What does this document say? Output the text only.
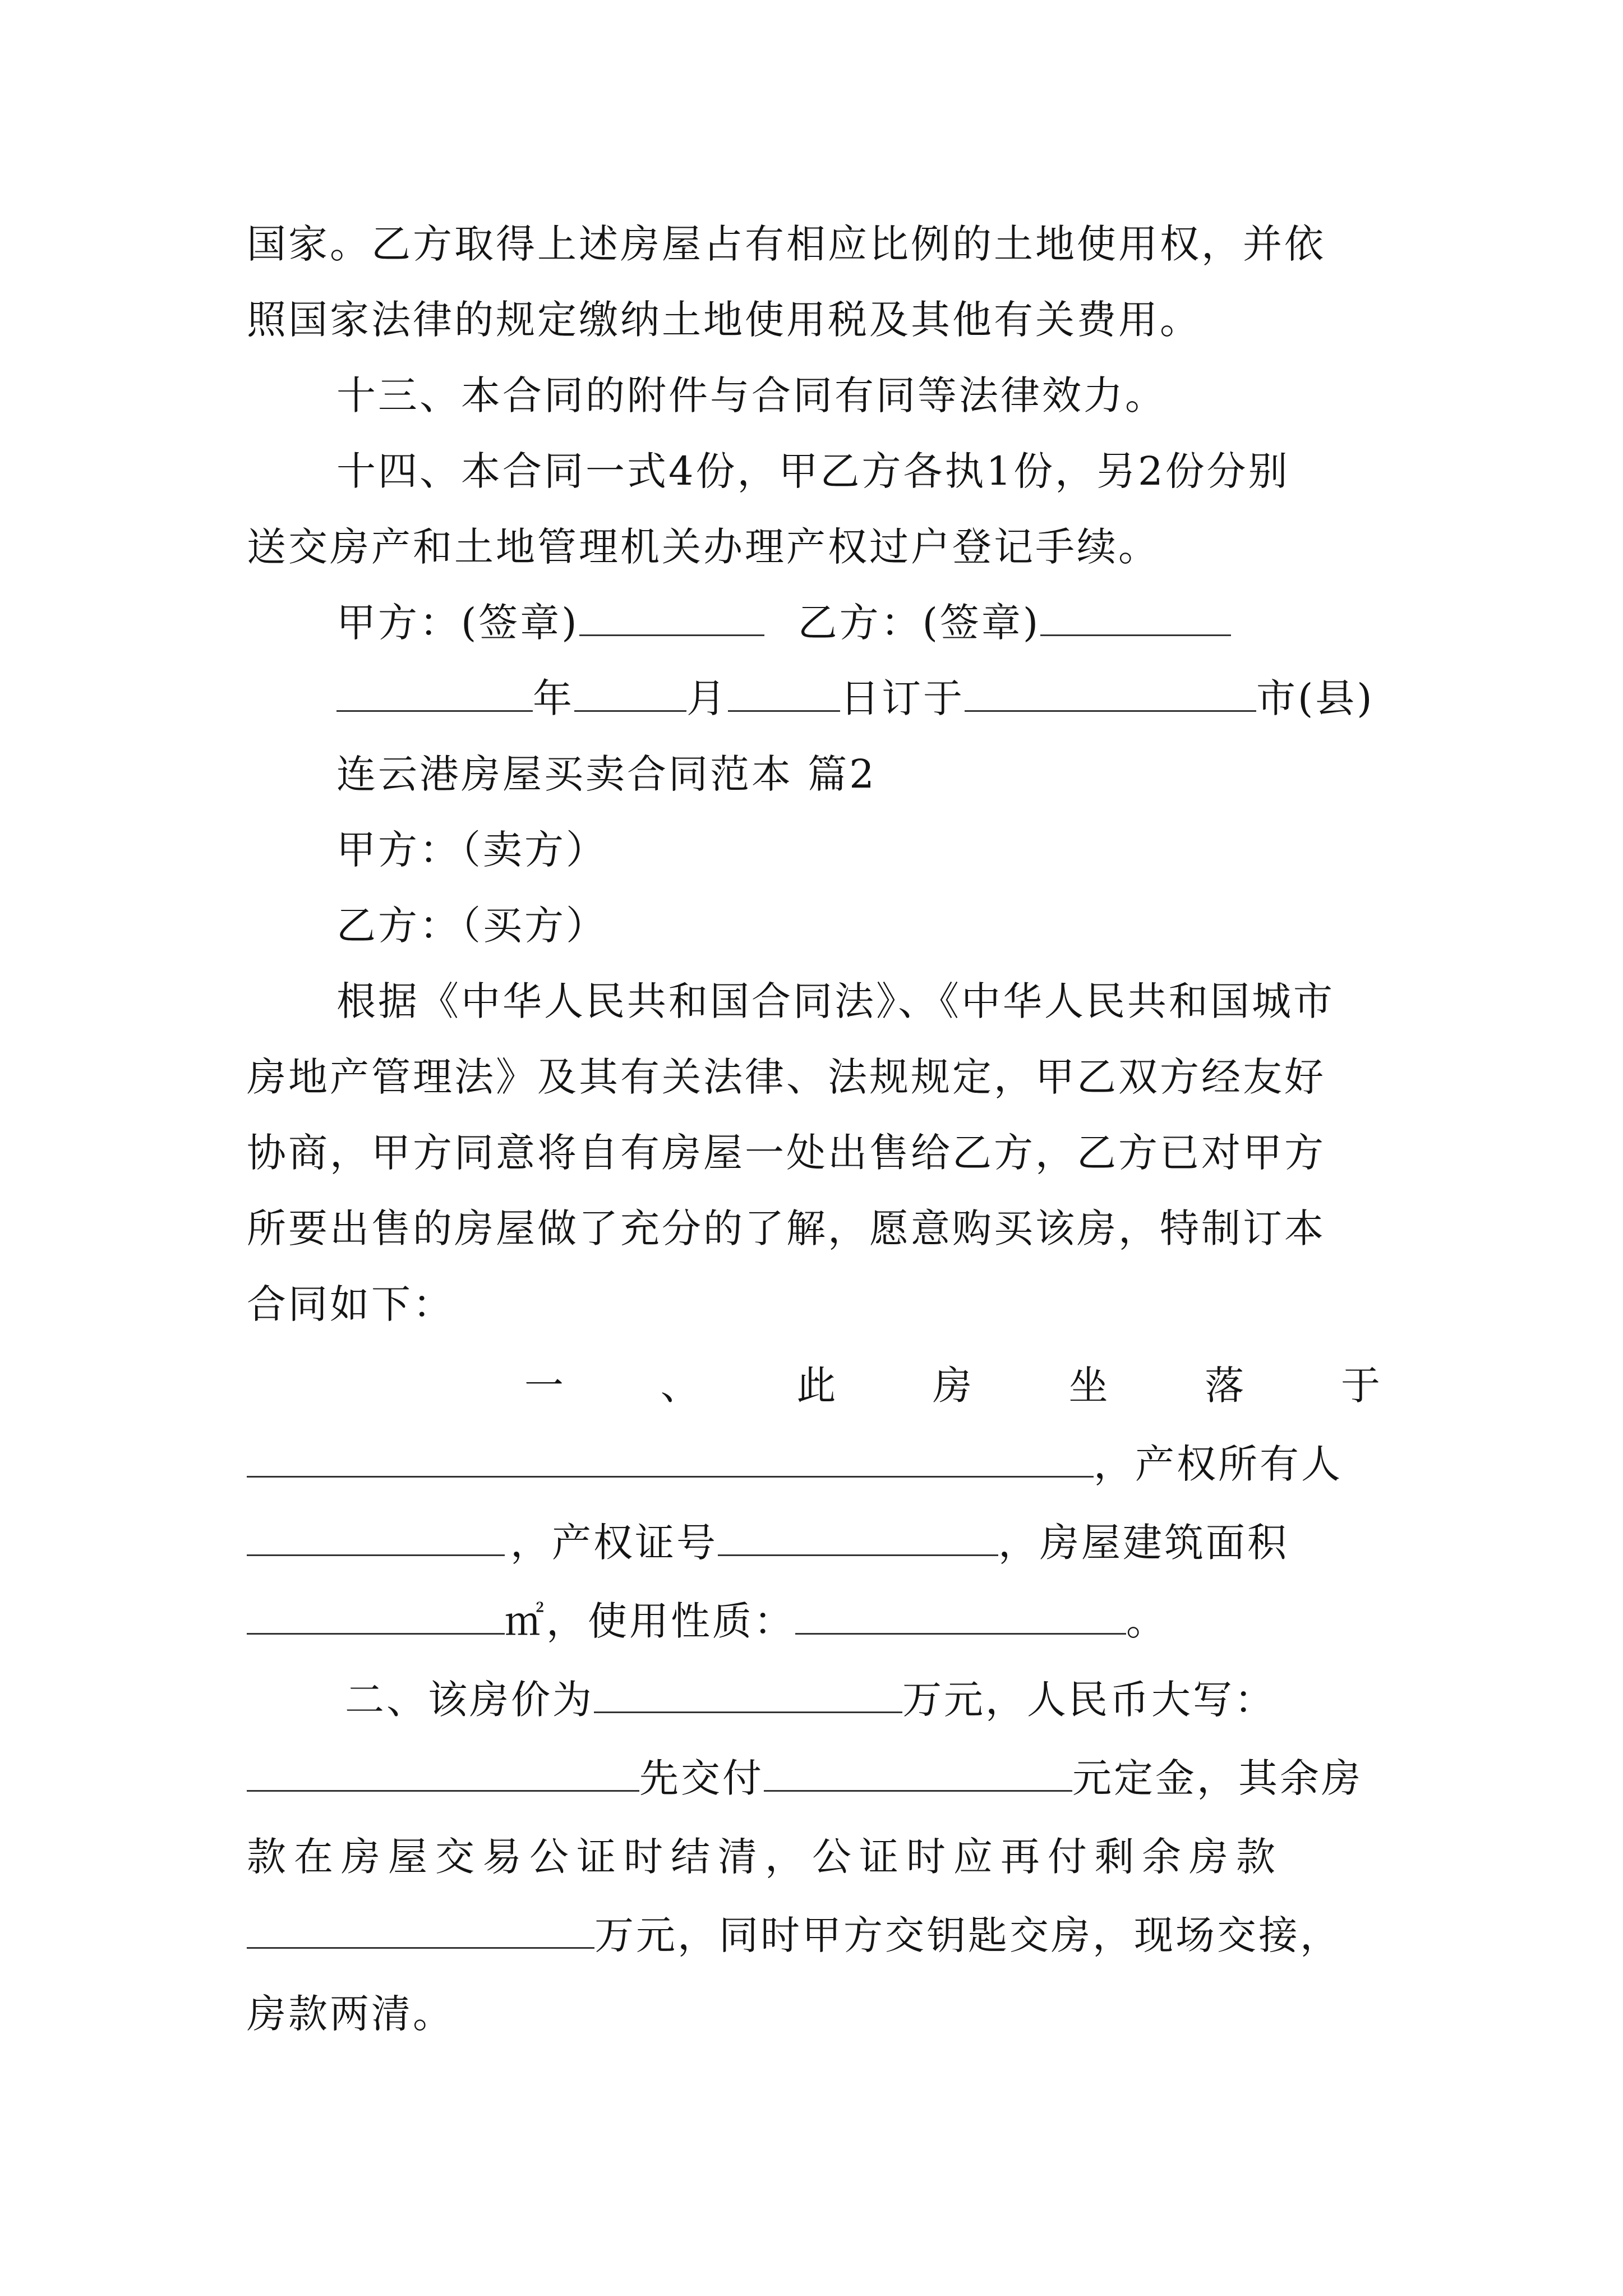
国家。乙方取得上述房屋占有相应比例的土地使用权，并依
照国家法律的规定缴纳土地使用税及其他有关费用。
十三、本合同的附件与合同有同等法律效力。
十四、本合同一式4份，甲乙方各执1份，另2份分别
送交房产和土地管理机关办理产权过户登记手续。
甲方：(签章)	乙方：(签章)
年	月	日订于	市(县)
连云港房屋买卖合同范本 篇2
甲方：（卖方）
乙方：（买方）
根据《中华人民共和国合同法》、《中华人民共和国城市
房地产管理法》及其有关法律、法规规定，甲乙双方经友好
协商，甲方同意将自有房屋一处出售给乙方，乙方已对甲方
所要出售的房屋做了充分的了解，愿意购买该房，特制订本
合同如下：
一 、 此 房 坐 落 于
，产权所有人
，产权证号	，房屋建筑面积
㎡，使用性质：	。
二、该房价为	万元，人民币大写：
先交付	元定金，其余房
款在房屋交易公证时结清，公证时应再付剩余房款
万元，同时甲方交钥匙交房，现场交接，
房款两清。
